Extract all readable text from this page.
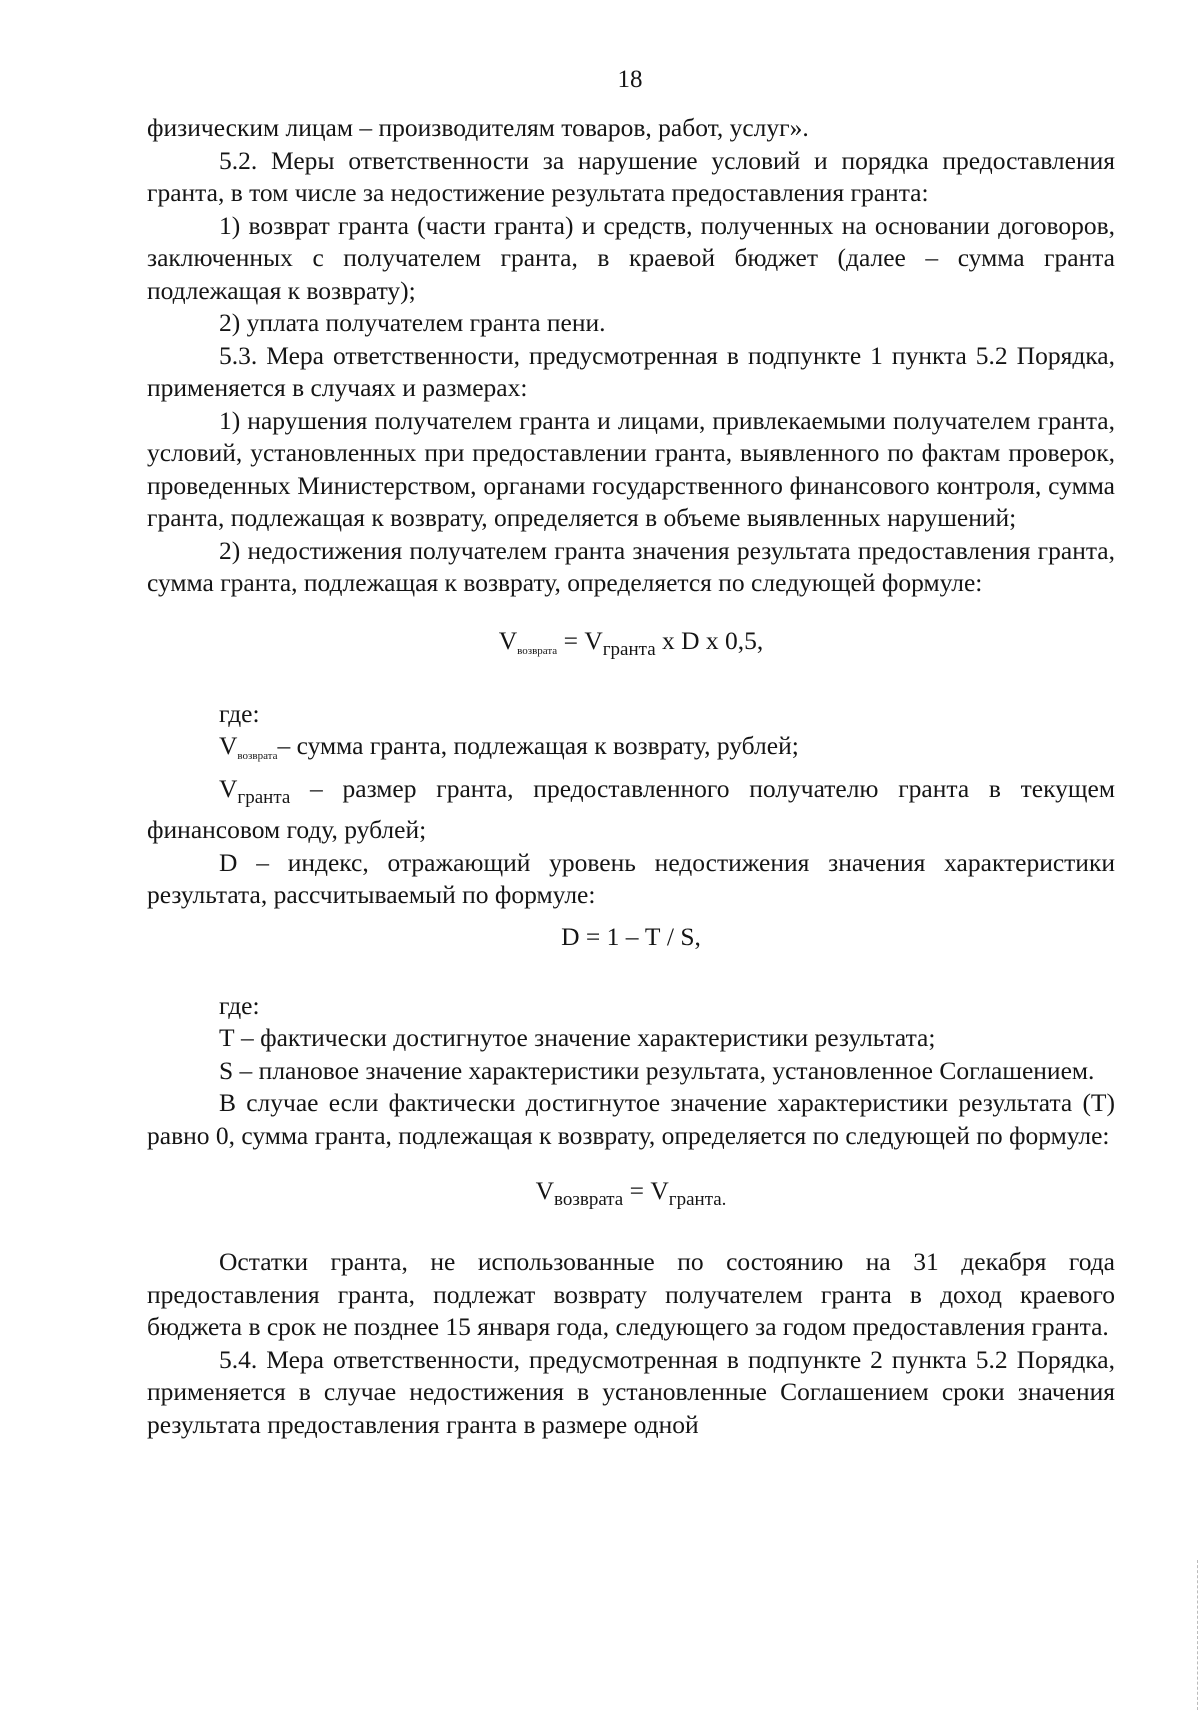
18

физическим лицам – производителям товаров, работ, услуг».

5.2. Меры ответственности за нарушение условий и порядка предоставления гранта, в том числе за недостижение результата предоставления гранта:

1) возврат гранта (части гранта) и средств, полученных на основании договоров, заключенных с получателем гранта, в краевой бюджет (далее – сумма гранта подлежащая к возврату);

2) уплата получателем гранта пени.

5.3. Мера ответственности, предусмотренная в подпункте 1 пункта 5.2 Порядка, применяется в случаях и размерах:

1) нарушения получателем гранта и лицами, привлекаемыми получателем гранта, условий, установленных при предоставлении гранта, выявленного по фактам проверок, проведенных Министерством, органами государственного финансового контроля, сумма гранта, подлежащая к возврату, определяется в объеме выявленных нарушений;

2) недостижения получателем гранта значения результата предоставления гранта, сумма гранта, подлежащая к возврату, определяется по следующей формуле:

Vвозврата = $V_{гранта}$ x D x 0,5,

где:

Vвозврата– сумма гранта, подлежащая к возврату, рублей;

$V_{гранта}$ – размер гранта, предоставленного получателю гранта в текущем финансовом году, рублей;

D – индекс, отражающий уровень недостижения значения характеристики результата, рассчитываемый по формуле:

D = 1 – Т / S,

где:

Т – фактически достигнутое значение характеристики результата;

S – плановое значение характеристики результата, установленное Соглашением.

В случае если фактически достигнутое значение характеристики результата (Т) равно 0, сумма гранта, подлежащая к возврату, определяется по следующей по формуле:

$V_{возврата} = V_{гранта.}$

Остатки гранта, не использованные по состоянию на 31 декабря года предоставления гранта, подлежат возврату получателем гранта в доход краевого бюджета в срок не позднее 15 января года, следующего за годом предоставления гранта.

5.4. Мера ответственности, предусмотренная в подпункте 2 пункта 5.2 Порядка, применяется в случае недостижения в установленные Соглашением сроки значения результата предоставления гранта в размере одной
